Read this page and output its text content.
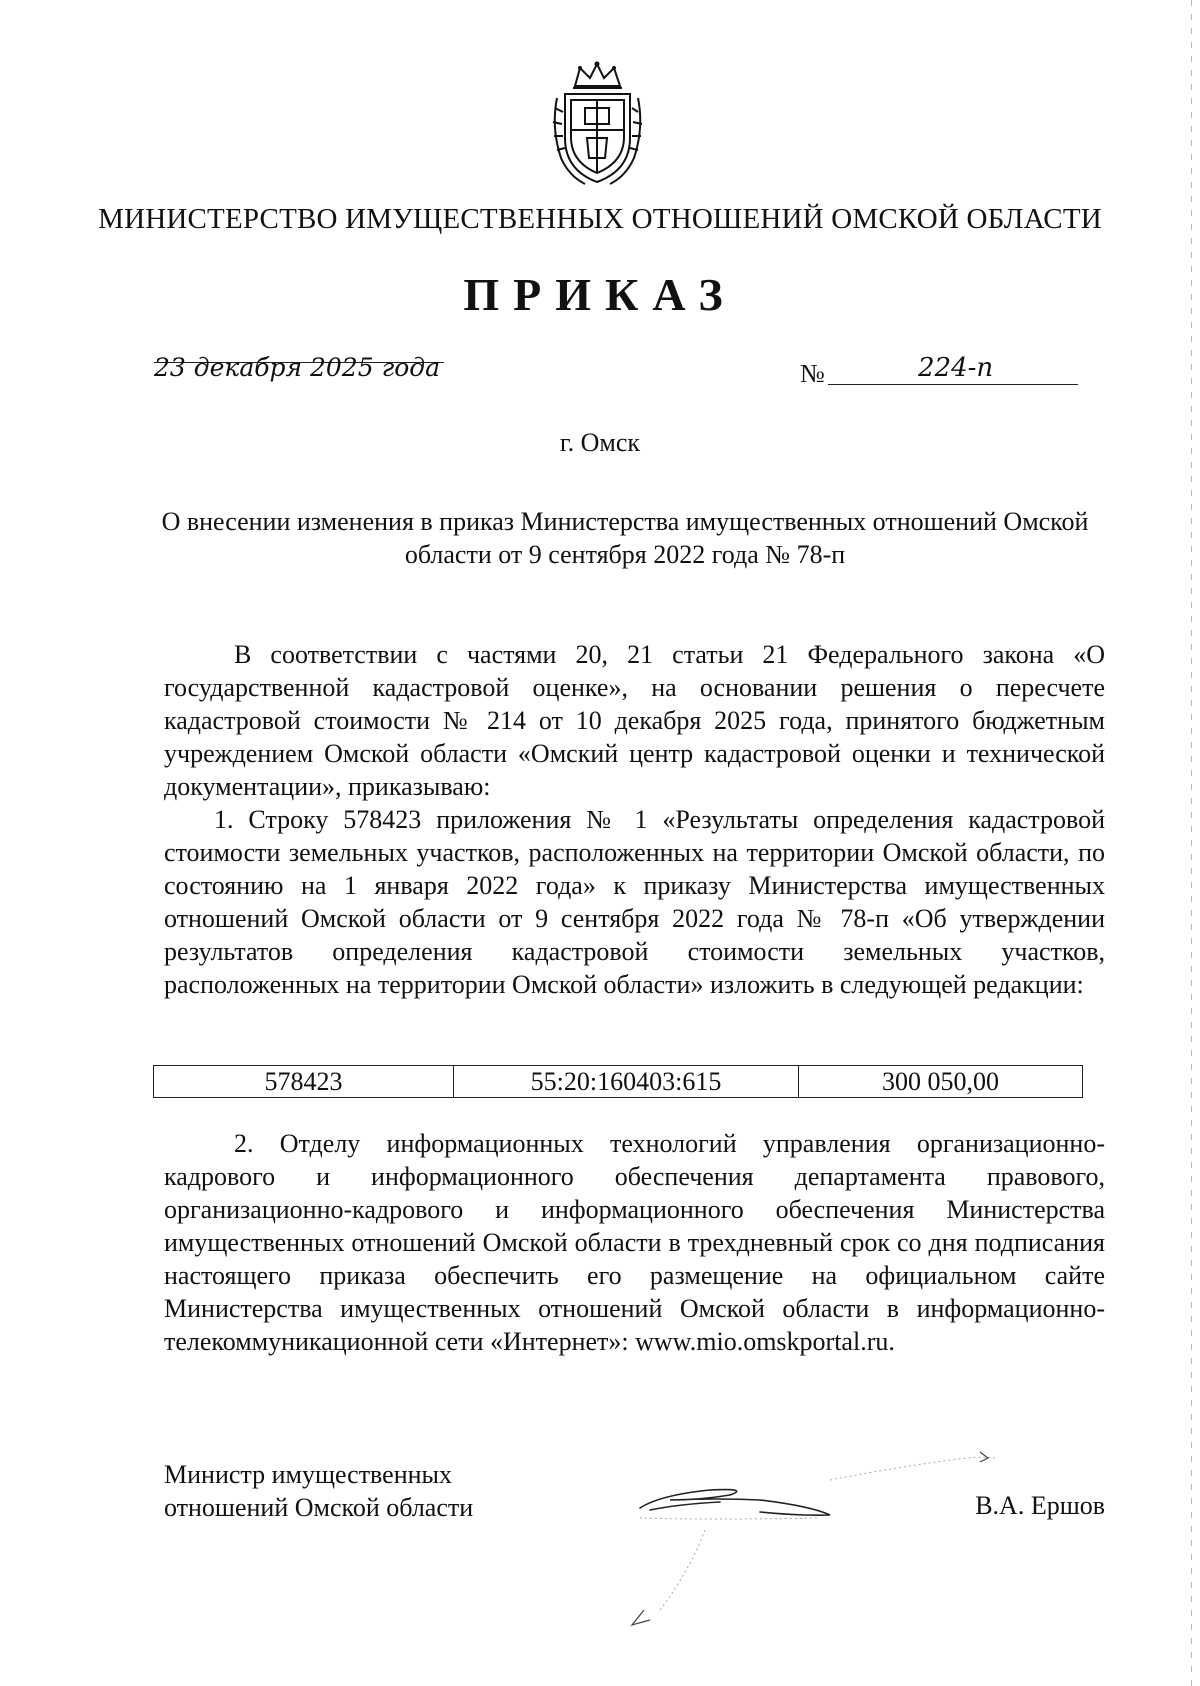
МИНИСТЕРСТВО ИМУЩЕСТВЕННЫХ ОТНОШЕНИЙ ОМСКОЙ ОБЛАСТИ
ПРИКАЗ
23 декабря 2025 года	№	224-п
г. Омск
О внесении изменения в приказ Министерства имущественных отношений Омской области от 9 сентября 2022 года № 78-п
В соответствии с частями 20, 21 статьи 21 Федерального закона «О государственной кадастровой оценке», на основании решения о пересчете кадастровой стоимости № 214 от 10 декабря 2025 года, принятого бюджетным учреждением Омской области «Омский центр кадастровой оценки и технической документации», приказываю:
1. Строку 578423 приложения № 1 «Результаты определения кадастровой стоимости земельных участков, расположенных на территории Омской области, по состоянию на 1 января 2022 года» к приказу Министерства имущественных отношений Омской области от 9 сентября 2022 года № 78-п «Об утверждении результатов определения кадастровой стоимости земельных участков, расположенных на территории Омской области» изложить в следующей редакции:
578423	55:20:160403:615	300 050,00
2. Отделу информационных технологий управления организационно-кадрового и информационного обеспечения департамента правового, организационно-кадрового и информационного обеспечения Министерства имущественных отношений Омской области в трехдневный срок со дня подписания настоящего приказа обеспечить его размещение на официальном сайте Министерства имущественных отношений Омской области в информационно-телекоммуникационной сети «Интернет»: www.mio.omskportal.ru.
Министр имущественных
отношений Омской области	В.А. Ершов
